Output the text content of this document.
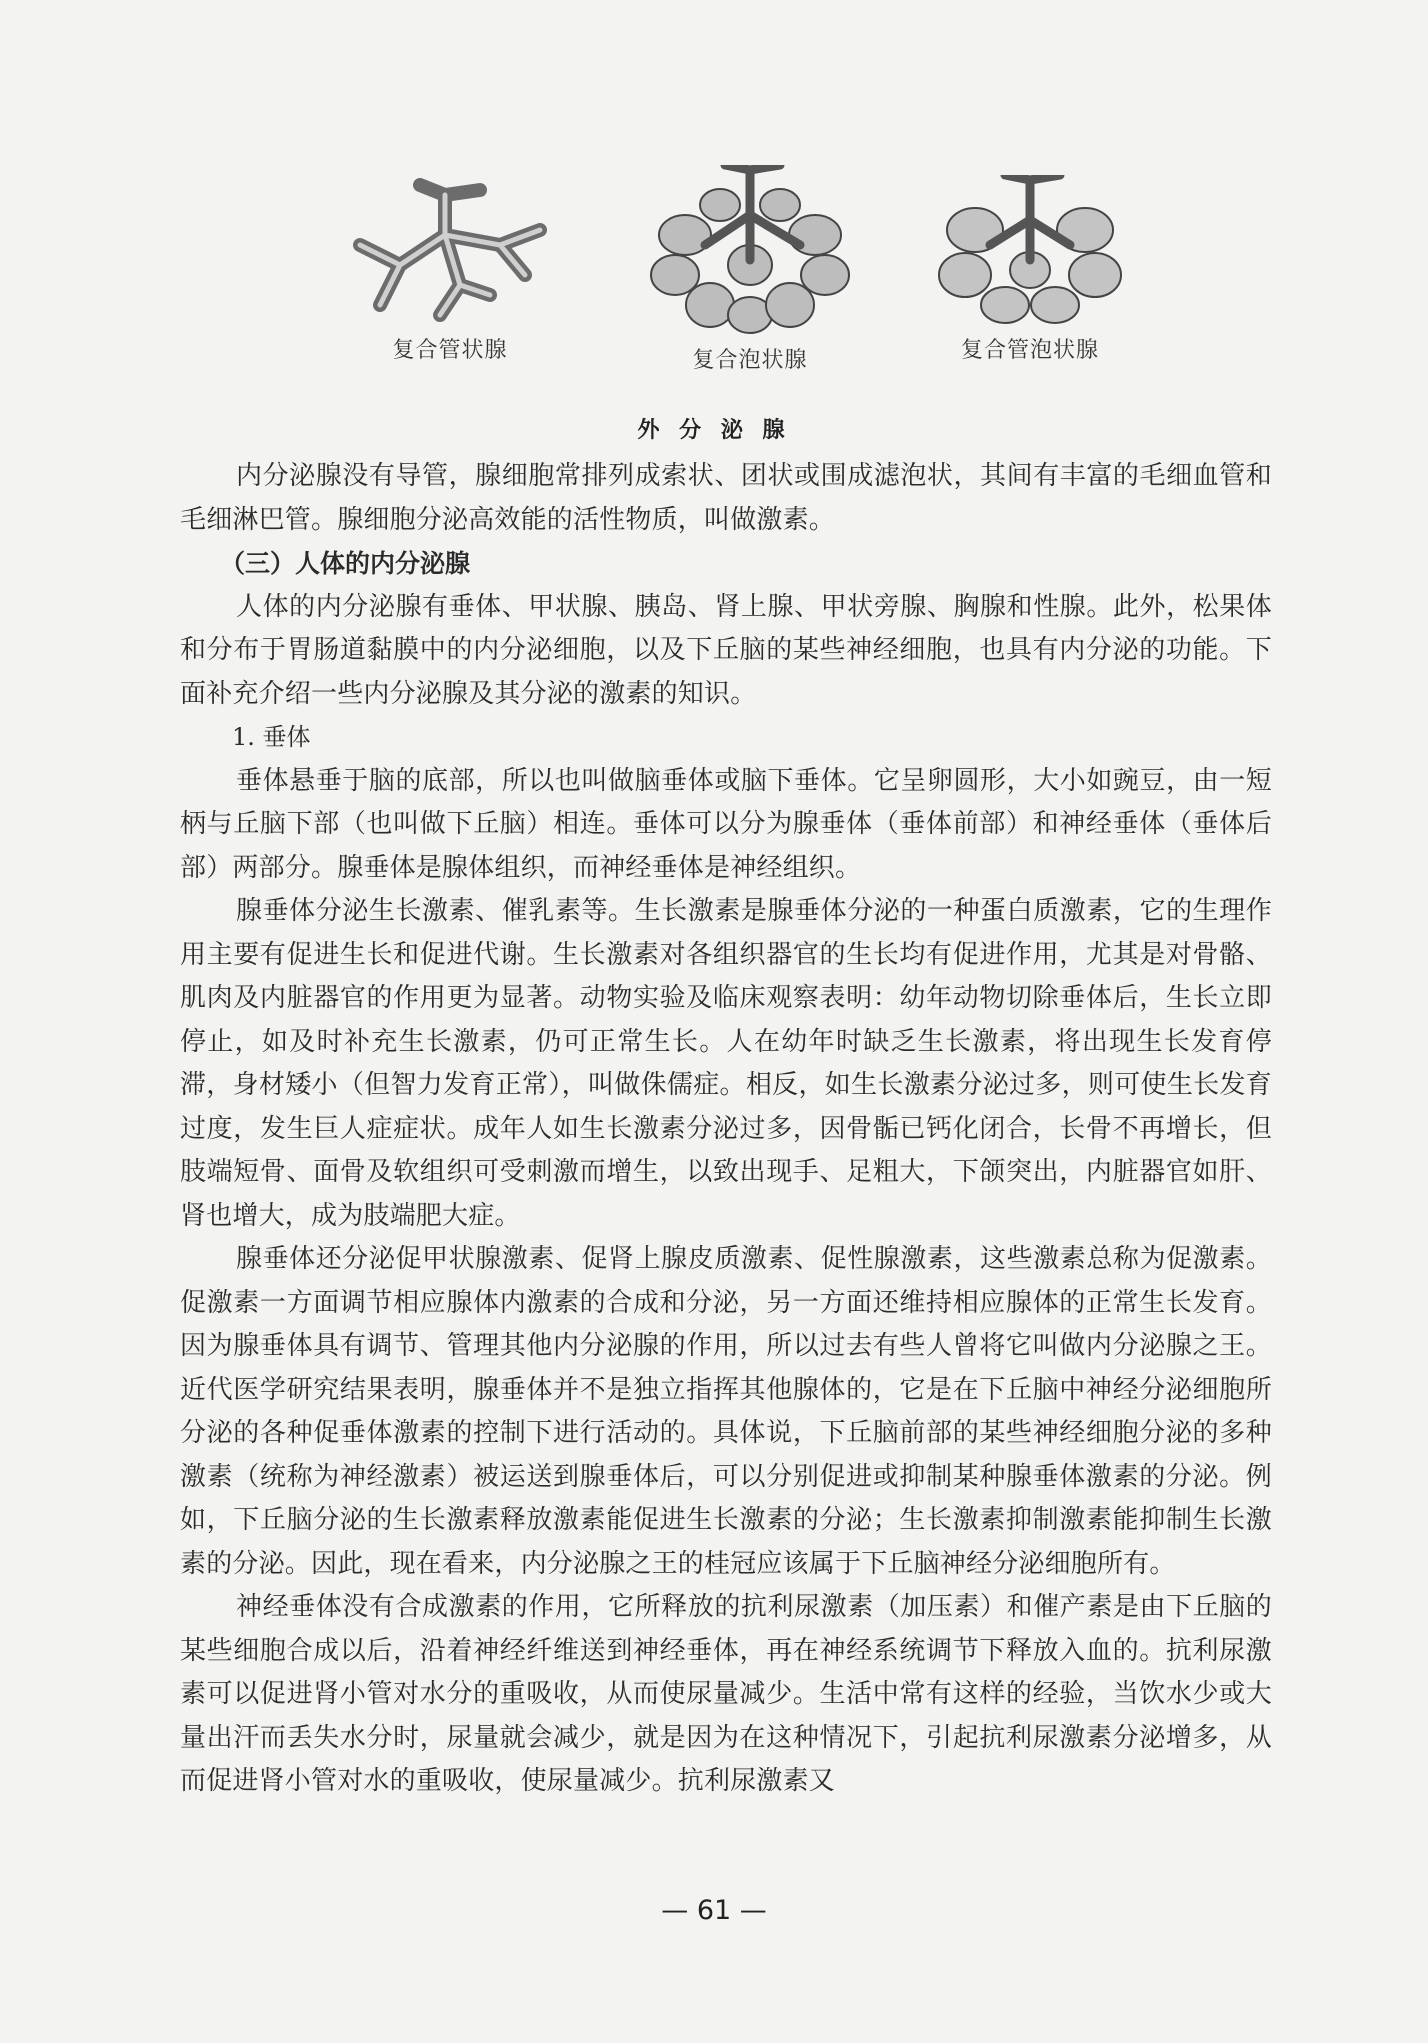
复合管状腺	复合泡状腺	复合管泡状腺
外 分 泌 腺

内分泌腺没有导管，腺细胞常排列成索状、团状或围成滤泡状，其间有丰富的毛细血管和毛细淋巴管。腺细胞分泌高效能的活性物质，叫做激素。

（三）人体的内分泌腺

人体的内分泌腺有垂体、甲状腺、胰岛、肾上腺、甲状旁腺、胸腺和性腺。此外，松果体和分布于胃肠道黏膜中的内分泌细胞，以及下丘脑的某些神经细胞，也具有内分泌的功能。下面补充介绍一些内分泌腺及其分泌的激素的知识。

1. 垂体

垂体悬垂于脑的底部，所以也叫做脑垂体或脑下垂体。它呈卵圆形，大小如豌豆，由一短柄与丘脑下部（也叫做下丘脑）相连。垂体可以分为腺垂体（垂体前部）和神经垂体（垂体后部）两部分。腺垂体是腺体组织，而神经垂体是神经组织。

腺垂体分泌生长激素、催乳素等。生长激素是腺垂体分泌的一种蛋白质激素，它的生理作用主要有促进生长和促进代谢。生长激素对各组织器官的生长均有促进作用，尤其是对骨骼、肌肉及内脏器官的作用更为显著。动物实验及临床观察表明：幼年动物切除垂体后，生长立即停止，如及时补充生长激素，仍可正常生长。人在幼年时缺乏生长激素，将出现生长发育停滞，身材矮小（但智力发育正常），叫做侏儒症。相反，如生长激素分泌过多，则可使生长发育过度，发生巨人症症状。成年人如生长激素分泌过多，因骨骺已钙化闭合，长骨不再增长，但肢端短骨、面骨及软组织可受刺激而增生，以致出现手、足粗大，下颌突出，内脏器官如肝、肾也增大，成为肢端肥大症。

腺垂体还分泌促甲状腺激素、促肾上腺皮质激素、促性腺激素，这些激素总称为促激素。促激素一方面调节相应腺体内激素的合成和分泌，另一方面还维持相应腺体的正常生长发育。因为腺垂体具有调节、管理其他内分泌腺的作用，所以过去有些人曾将它叫做内分泌腺之王。近代医学研究结果表明，腺垂体并不是独立指挥其他腺体的，它是在下丘脑中神经分泌细胞所分泌的各种促垂体激素的控制下进行活动的。具体说，下丘脑前部的某些神经细胞分泌的多种激素（统称为神经激素）被运送到腺垂体后，可以分别促进或抑制某种腺垂体激素的分泌。例如，下丘脑分泌的生长激素释放激素能促进生长激素的分泌；生长激素抑制激素能抑制生长激素的分泌。因此，现在看来，内分泌腺之王的桂冠应该属于下丘脑神经分泌细胞所有。

神经垂体没有合成激素的作用，它所释放的抗利尿激素（加压素）和催产素是由下丘脑的某些细胞合成以后，沿着神经纤维送到神经垂体，再在神经系统调节下释放入血的。抗利尿激素可以促进肾小管对水分的重吸收，从而使尿量减少。生活中常有这样的经验，当饮水少或大量出汗而丢失水分时，尿量就会减少，就是因为在这种情况下，引起抗利尿激素分泌增多，从而促进肾小管对水的重吸收，使尿量减少。抗利尿激素又

— 61 —
